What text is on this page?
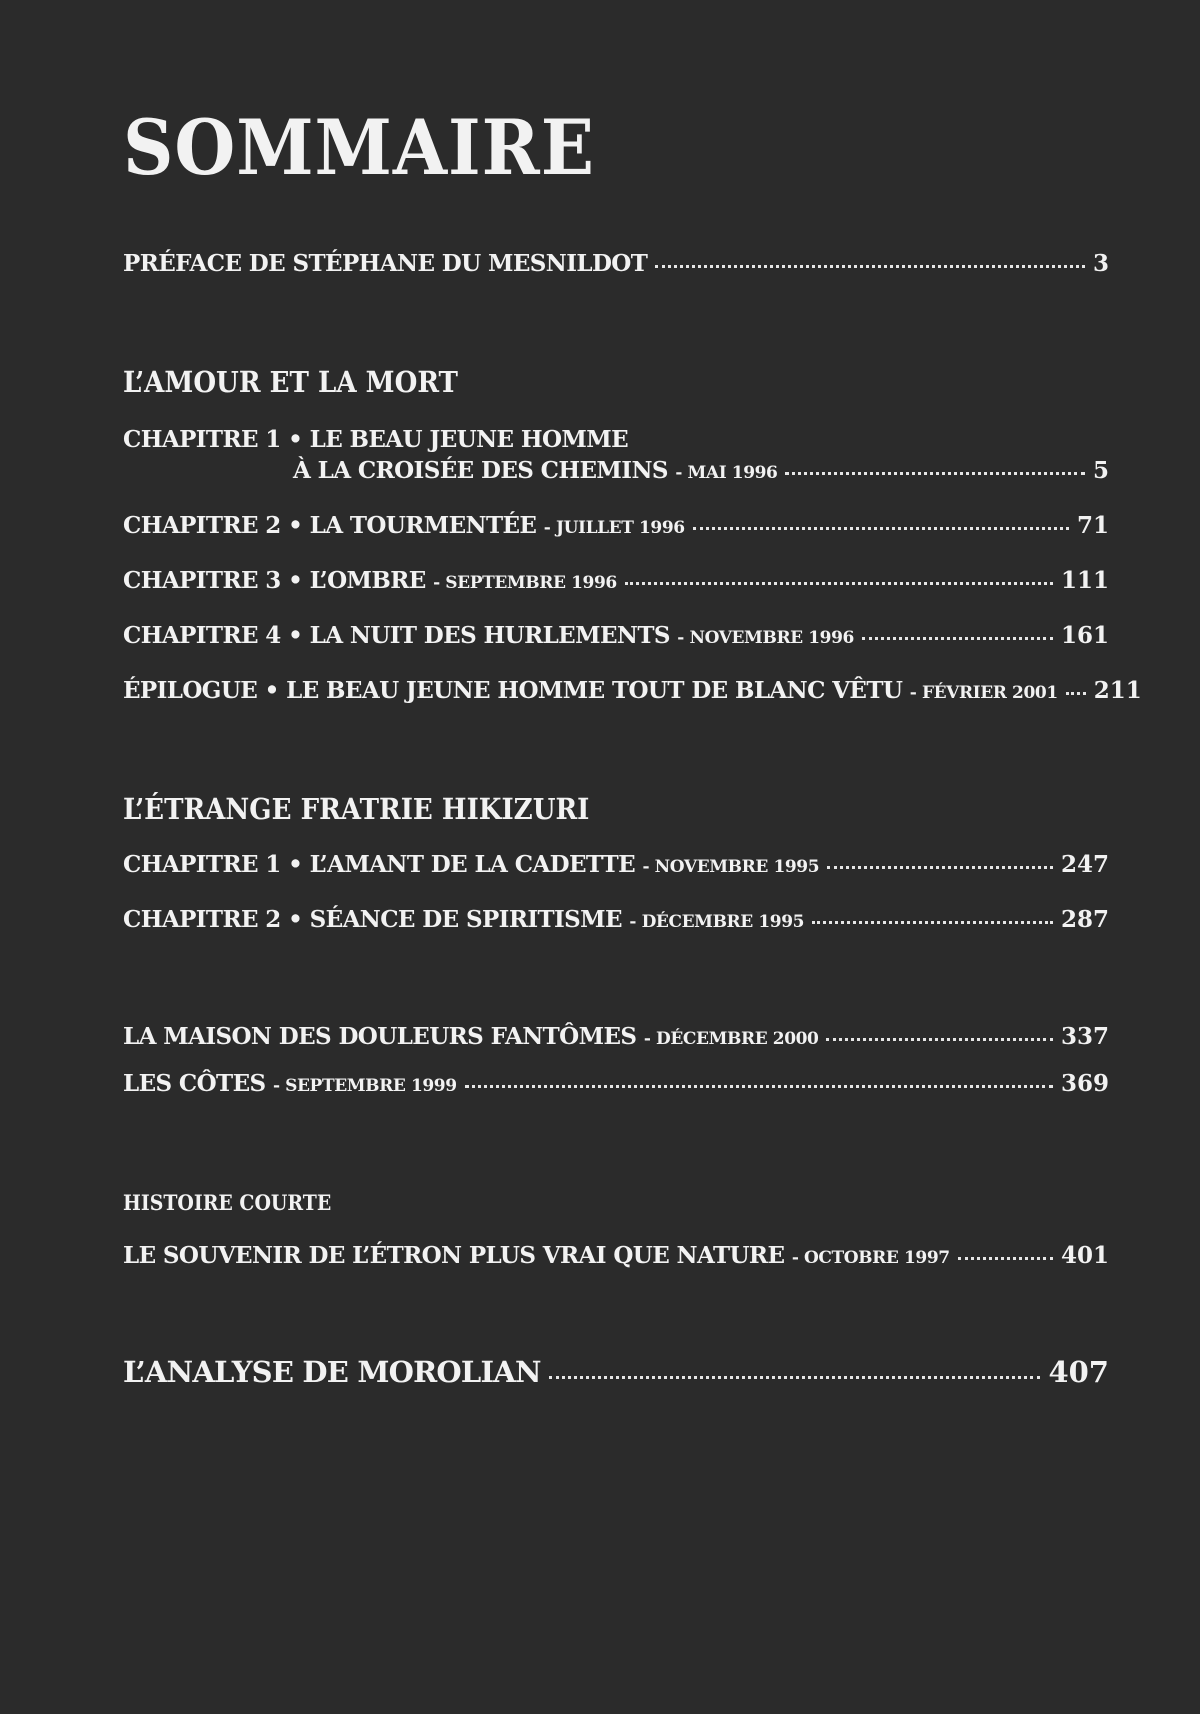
SOMMAIRE
PRÉFACE DE STÉPHANE DU MESNILDOT	3
L’AMOUR ET LA MORT
CHAPITRE 1 • LE BEAU JEUNE HOMME
À LA CROISÉE DES CHEMINS - MAI 1996	5
CHAPITRE 2 • LA TOURMENTÉE - JUILLET 1996	71
CHAPITRE 3 • L’OMBRE - SEPTEMBRE 1996	111
CHAPITRE 4 • LA NUIT DES HURLEMENTS - NOVEMBRE 1996	161
ÉPILOGUE • LE BEAU JEUNE HOMME TOUT DE BLANC VÊTU - FÉVRIER 2001 211
L’ÉTRANGE FRATRIE HIKIZURI
CHAPITRE 1 • L’AMANT DE LA CADETTE - NOVEMBRE 1995	247
CHAPITRE 2 • SÉANCE DE SPIRITISME - DÉCEMBRE 1995	287
LA MAISON DES DOULEURS FANTÔMES - DÉCEMBRE 2000	337
LES CÔTES - SEPTEMBRE 1999	369
HISTOIRE COURTE
LE SOUVENIR DE L’ÉTRON PLUS VRAI QUE NATURE - OCTOBRE 1997	401
L’ANALYSE DE MOROLIAN	407
